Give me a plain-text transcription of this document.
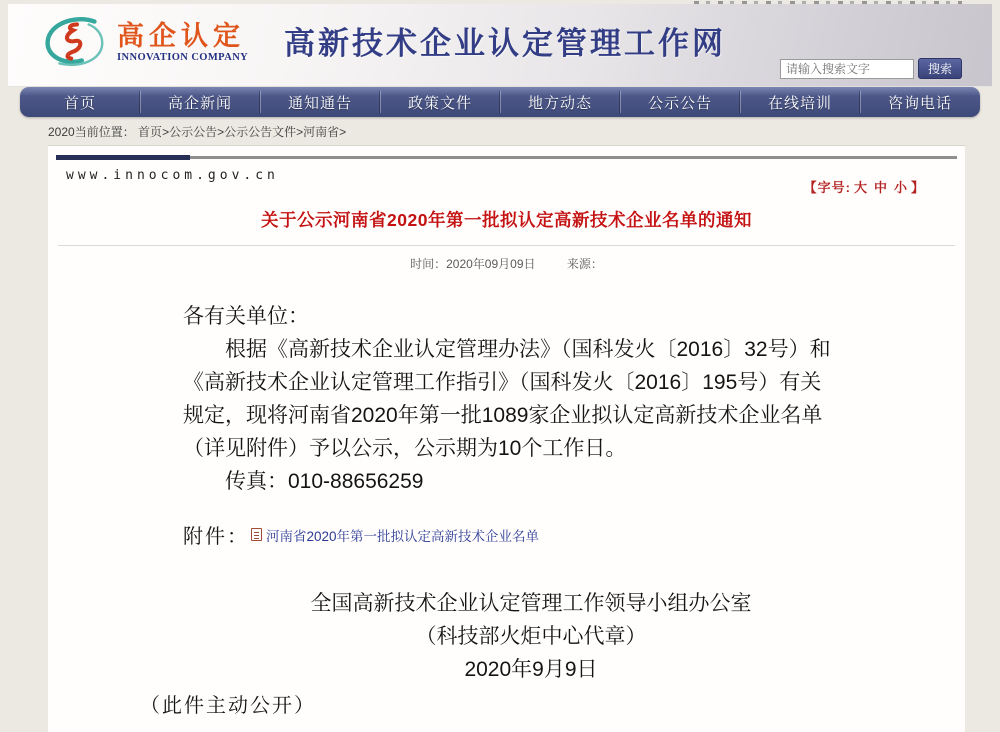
高企认定
INNOVATION COMPANY 高新技术企业认定管理工作网
请输入搜索文字
搜索
首页	高企新闻	通知通告	政策文件	地方动态	公示公告	在线培训	咨询电话
2020当前位置： 首页>公示公告>公示公告文件>河南省>
www.innocom.gov.cn
【字号: 大 中 小 】
关于公示河南省2020年第一批拟认定高新技术企业名单的通知
时间：2020年09月09日	来源：

各有关单位：

根据《高新技术企业认定管理办法》（国科发火〔2016〕32号）和《高新技术企业认定管理工作指引》（国科发火〔2016〕195号）有关规定，现将河南省2020年第一批1089家企业拟认定高新技术企业名单（详见附件）予以公示，公示期为10个工作日。

传真：010-88656259

附件： 河南省2020年第一批拟认定高新技术企业名单

全国高新技术企业认定管理工作领导小组办公室

（科技部火炬中心代章）

2020年9月9日

（此件主动公开）
